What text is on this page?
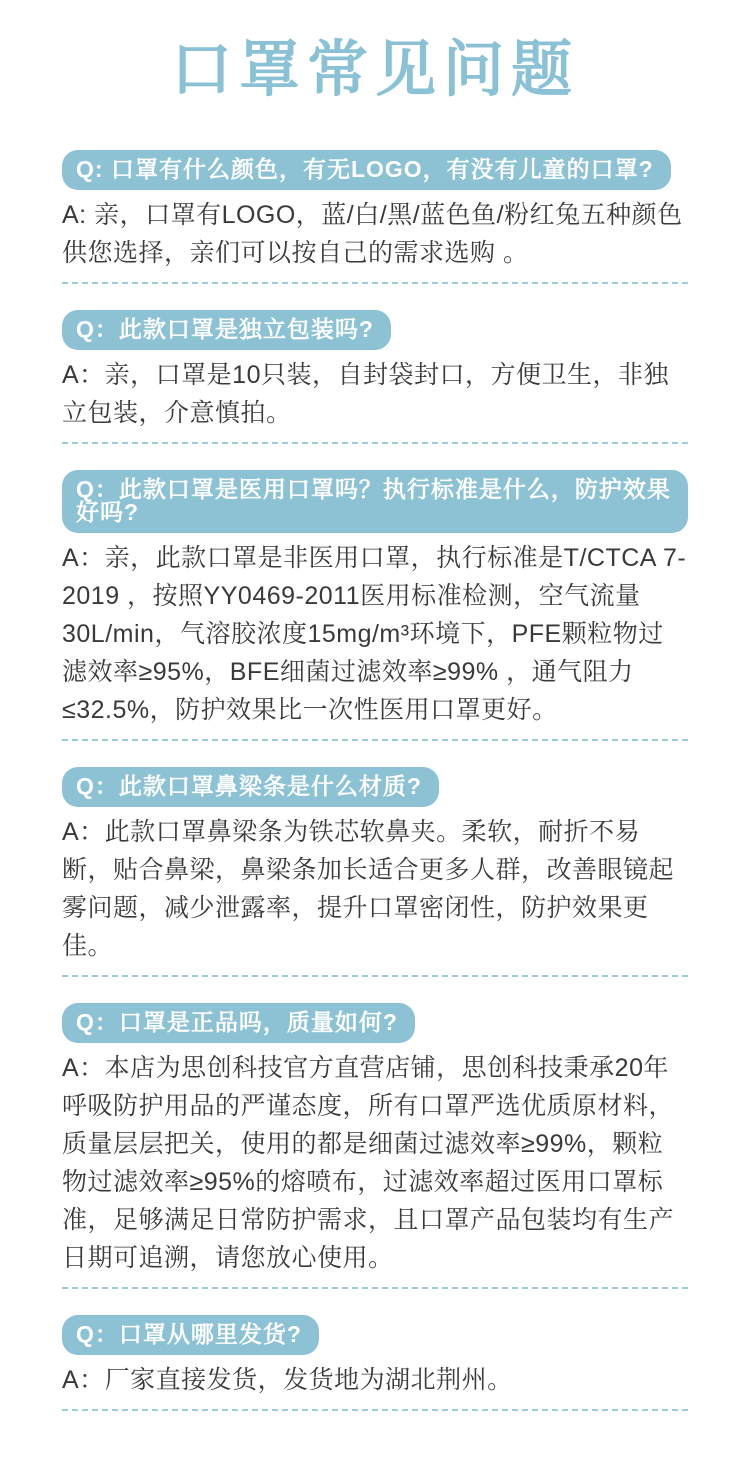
口罩常见问题
Q: 口罩有什么颜色，有无LOGO，有没有儿童的口罩?

A: 亲，口罩有LOGO，蓝/白/黑/蓝色鱼/粉红兔五种颜色供您选择，亲们可以按自己的需求选购 。

Q：此款口罩是独立包装吗?

A：亲，口罩是10只装，自封袋封口，方便卫生，非独立包装，介意慎拍。

Q：此款口罩是医用口罩吗？执行标准是什么，防护效果好吗?

A：亲，此款口罩是非医用口罩，执行标准是T/CTCA 7-2019 ，按照YY0469-2011医用标准检测，空气流量30L/min，气溶胶浓度15mg/m³环境下，PFE颗粒物过滤效率≥95%，BFE细菌过滤效率≥99% ，通气阻力≤32.5%，防护效果比一次性医用口罩更好。

Q：此款口罩鼻梁条是什么材质?

A：此款口罩鼻梁条为铁芯软鼻夹。柔软，耐折不易断，贴合鼻梁，鼻梁条加长适合更多人群，改善眼镜起雾问题，减少泄露率，提升口罩密闭性，防护效果更佳。

Q：口罩是正品吗，质量如何?

A：本店为思创科技官方直营店铺，思创科技秉承20年呼吸防护用品的严谨态度，所有口罩严选优质原材料，质量层层把关，使用的都是细菌过滤效率≥99%，颗粒物过滤效率≥95%的熔喷布，过滤效率超过医用口罩标准，足够满足日常防护需求，且口罩产品包装均有生产日期可追溯，请您放心使用。

Q：口罩从哪里发货?

A：厂家直接发货，发货地为湖北荆州。
